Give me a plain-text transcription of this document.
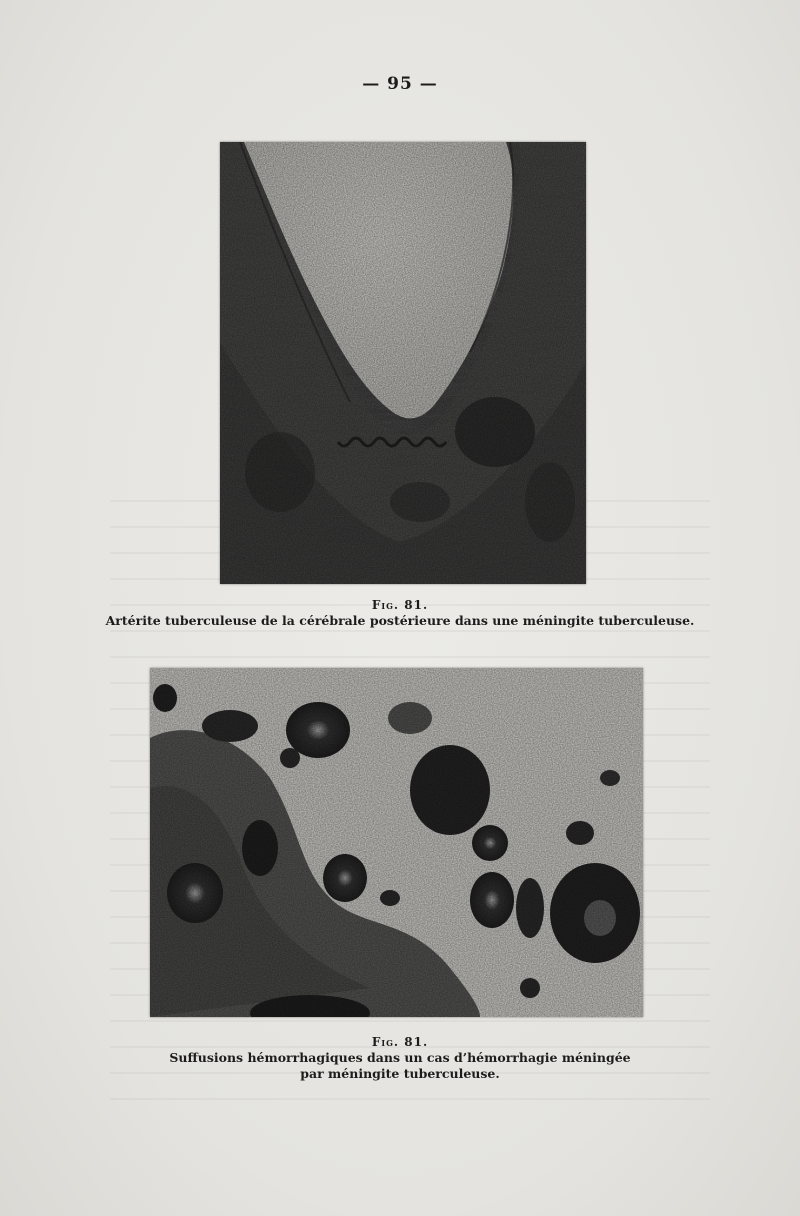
— 95 —
Fig. 81.
Artérite tuberculeuse de la cérébrale postérieure dans une méningite tuberculeuse.
Fig. 81.
Suffusions hémorrhagiques dans un cas d’hémorrhagie méningée
par méningite tuberculeuse.
